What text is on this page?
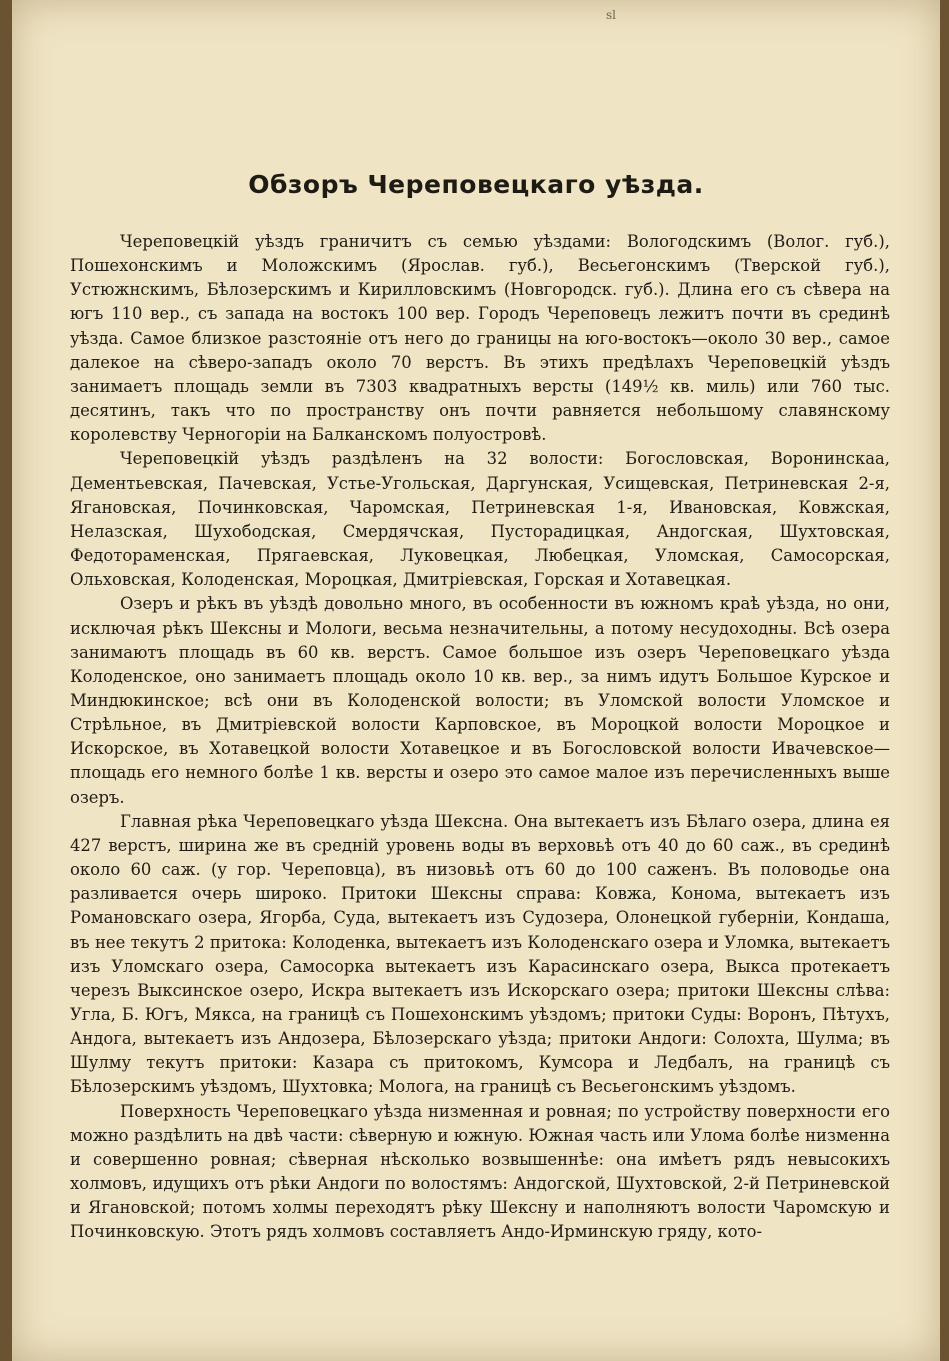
sl
Обзоръ Череповецкаго уѣзда.

Череповецкій уѣздъ граничитъ съ семью уѣздами: Вологодскимъ (Волог. губ.), Пошехонскимъ и Моложскимъ (Ярослав. губ.), Весьегонскимъ (Тверской губ.), Устюжнскимъ, Бѣлозерскимъ и Кирилловскимъ (Новгородск. губ.). Длина его съ сѣвера на югъ 110 вер., съ запада на востокъ 100 вер. Городъ Череповецъ лежитъ почти въ срединѣ уѣзда. Самое близкое разстояніе отъ него до границы на юго-востокъ—около 30 вер., самое далекое на сѣверо-западъ около 70 верстъ. Въ этихъ предѣлахъ Череповецкій уѣздъ занимаетъ площадь земли въ 7303 квадратныхъ версты (149½ кв. миль) или 760 тыс. десятинъ, такъ что по пространству онъ почти равняется небольшому славянскому королевству Черногоріи на Балканскомъ полуостровѣ.

Череповецкій уѣздъ раздѣленъ на 32 волости: Богословская, Воронинскаа, Дементьевская, Пачевская, Устье-Угольская, Даргунская, Усищевская, Петриневская 2-я, Ягановская, Починковская, Чаромская, Петриневская 1-я, Ивановская, Ковжская, Нелазская, Шухободская, Смердячская, Пусторадицкая, Андогская, Шухтовская, Федотораменская, Прягаевская, Луковецкая, Любецкая, Уломская, Самосорская, Ольховская, Колоденская, Мороцкая, Дмитріевская, Горская и Хотавецкая.

Озеръ и рѣкъ въ уѣздѣ довольно много, въ особенности въ южномъ краѣ уѣзда, но они, исключая рѣкъ Шексны и Мологи, весьма незначительны, а потому несудоходны. Всѣ озера занимаютъ площадь въ 60 кв. верстъ. Самое большое изъ озеръ Череповецкаго уѣзда Колоденское, оно занимаетъ площадь около 10 кв. вер., за нимъ идутъ Большое Курское и Миндюкинское; всѣ они въ Колоденской волости; въ Уломской волости Уломское и Стрѣльное, въ Дмитріевской волости Карповское, въ Мороцкой волости Мороцкое и Искорское, въ Хотавецкой волости Хотавецкое и въ Богословской волости Ивачевское—площадь его немного болѣе 1 кв. версты и озеро это самое малое изъ перечисленныхъ выше озеръ.

Главная рѣка Череповецкаго уѣзда Шексна. Она вытекаетъ изъ Бѣлаго озера, длина ея 427 верстъ, ширина же въ среднiй уровень воды въ верховьѣ отъ 40 до 60 саж., въ срединѣ около 60 саж. (у гор. Череповца), въ низовьѣ отъ 60 до 100 саженъ. Въ половодье она разливается очерь широко. Притоки Шексны справа: Ковжа, Конома, вытекаетъ изъ Романовскаго озера, Ягорба, Суда, вытекаетъ изъ Судозера, Олонецкой губерніи, Кондаша, въ нее текутъ 2 притока: Колоденка, вытекаетъ изъ Колоденскаго озера и Уломка, вытекаетъ изъ Уломскаго озера, Самосорка вытекаетъ изъ Карасинскаго озера, Выкса протекаетъ черезъ Выксинское озеро, Искра вытекаетъ изъ Искорскаго озера; притоки Шексны слѣва: Угла, Б. Югъ, Мякса, на границѣ съ Пошехонскимъ уѣздомъ; притоки Суды: Воронъ, Пѣтухъ, Андога, вытекаетъ изъ Андозера, Бѣлозерскаго уѣзда; притоки Андоги: Солохта, Шулма; въ Шулму текутъ притоки: Казара съ притокомъ, Кумсора и Ледбалъ, на границѣ съ Бѣлозерскимъ уѣздомъ, Шухтовка; Молога, на границѣ съ Весьегонскимъ уѣздомъ.

Поверхность Череповецкаго уѣзда низменная и ровная; по устройству поверхности его можно раздѣлить на двѣ части: сѣверную и южную. Южная часть или Улома болѣе низменна и совершенно ровная; сѣверная нѣсколько возвышеннѣе: она имѣетъ рядъ невысокихъ холмовъ, идущихъ отъ рѣки Андоги по волостямъ: Андогской, Шухтовской, 2-й Петриневской и Ягановской; потомъ холмы переходятъ рѣку Шексну и наполняютъ волости Чаромскую и Починковскую. Этотъ рядъ холмовъ составляетъ Андо-Ирминскую гряду, кото-
